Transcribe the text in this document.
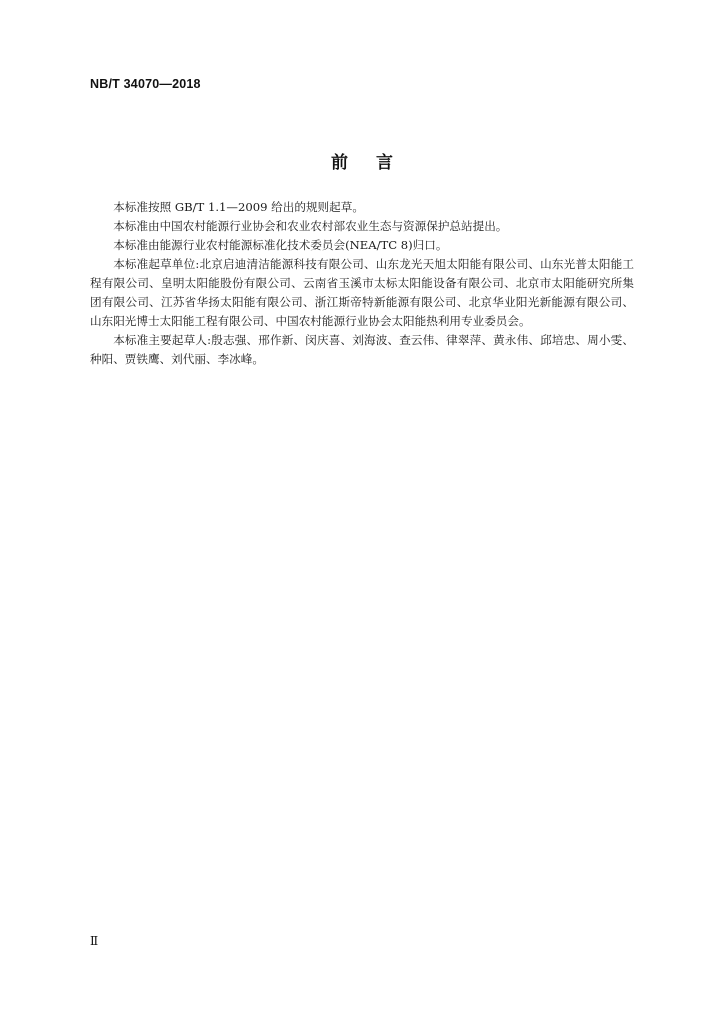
NB/T 34070—2018
前言

本标准按照 GB/T 1.1—2009 给出的规则起草。

本标准由中国农村能源行业协会和农业农村部农业生态与资源保护总站提出。

本标准由能源行业农村能源标准化技术委员会(NEA/TC 8)归口。

本标准起草单位:北京启迪清洁能源科技有限公司、山东龙光天旭太阳能有限公司、山东光普太阳能工程有限公司、皇明太阳能股份有限公司、云南省玉溪市太标太阳能设备有限公司、北京市太阳能研究所集团有限公司、江苏省华扬太阳能有限公司、浙江斯帝特新能源有限公司、北京华业阳光新能源有限公司、山东阳光博士太阳能工程有限公司、中国农村能源行业协会太阳能热利用专业委员会。

本标准主要起草人:殷志强、邢作新、闵庆喜、刘海波、查云伟、律翠萍、黄永伟、邱培忠、周小雯、种阳、贾铁鹰、刘代丽、李冰峰。

Ⅱ
